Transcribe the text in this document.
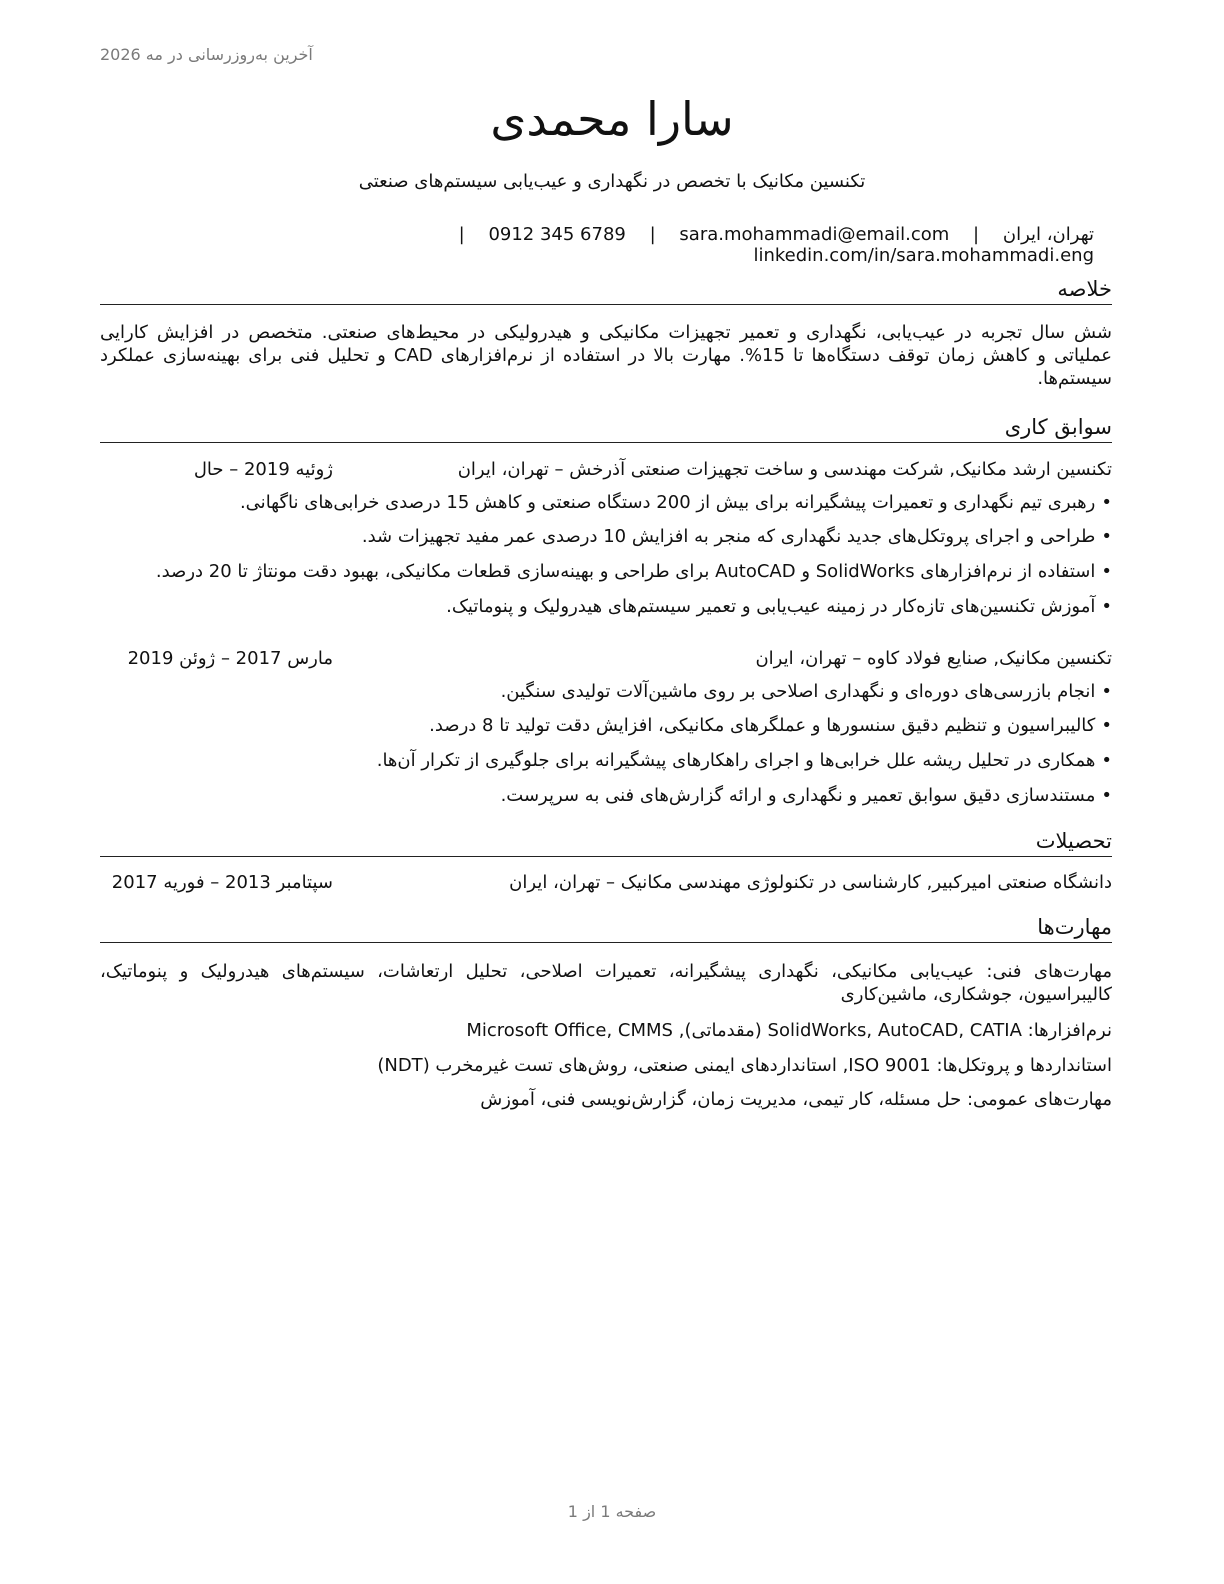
آخرین به‌روزرسانی در مه 2026
سارا محمدی
تکنسین مکانیک با تخصص در نگهداری و عیب‌یابی سیستم‌های صنعتی
تهران، ایران | sara.mohammadi@email.com | 0912 345 6789 | linkedin.com/in/sara.mohammadi.eng
خلاصه
شش سال تجربه در عیب‌یابی، نگهداری و تعمیر تجهیزات مکانیکی و هیدرولیکی در محیط‌های صنعتی. متخصص در افزایش کارایی عملیاتی و کاهش زمان توقف دستگاه‌ها تا 15%. مهارت بالا در استفاده از نرم‌افزارهای CAD و تحلیل فنی برای بهینه‌سازی عملکرد سیستم‌ها.
سوابق کاری
تکنسین ارشد مکانیک, شرکت مهندسی و ساخت تجهیزات صنعتی آذرخش – تهران، ایران
ژوئیه 2019 – حال
•رهبری تیم نگهداری و تعمیرات پیشگیرانه برای بیش از 200 دستگاه صنعتی و کاهش 15 درصدی خرابی‌های ناگهانی.
•طراحی و اجرای پروتکل‌های جدید نگهداری که منجر به افزایش 10 درصدی عمر مفید تجهیزات شد.
•استفاده از نرم‌افزارهای SolidWorks و AutoCAD برای طراحی و بهینه‌سازی قطعات مکانیکی، بهبود دقت مونتاژ تا 20 درصد.
•آموزش تکنسین‌های تازه‌کار در زمینه عیب‌یابی و تعمیر سیستم‌های هیدرولیک و پنوماتیک.
تکنسین مکانیک, صنایع فولاد کاوه – تهران، ایران
مارس 2017 – ژوئن 2019
•انجام بازرسی‌های دوره‌ای و نگهداری اصلاحی بر روی ماشین‌آلات تولیدی سنگین.
•کالیبراسیون و تنظیم دقیق سنسورها و عملگرهای مکانیکی، افزایش دقت تولید تا 8 درصد.
•همکاری در تحلیل ریشه علل خرابی‌ها و اجرای راهکارهای پیشگیرانه برای جلوگیری از تکرار آن‌ها.
•مستندسازی دقیق سوابق تعمیر و نگهداری و ارائه گزارش‌های فنی به سرپرست.
تحصیلات
دانشگاه صنعتی امیرکبیر, کارشناسی در تکنولوژی مهندسی مکانیک – تهران، ایران
سپتامبر 2013 – فوریه 2017
مهارت‌ها
مهارت‌های فنی: عیب‌یابی مکانیکی، نگهداری پیشگیرانه، تعمیرات اصلاحی، تحلیل ارتعاشات، سیستم‌های هیدرولیک و پنوماتیک، کالیبراسیون، جوشکاری، ماشین‌کاری
نرم‌افزارها: SolidWorks, AutoCAD, CATIA (مقدماتی), Microsoft Office, CMMS
استانداردها و پروتکل‌ها: ISO 9001, استانداردهای ایمنی صنعتی، روش‌های تست غیرمخرب (NDT)
مهارت‌های عمومی: حل مسئله، کار تیمی، مدیریت زمان، گزارش‌نویسی فنی، آموزش
صفحه 1 از 1
